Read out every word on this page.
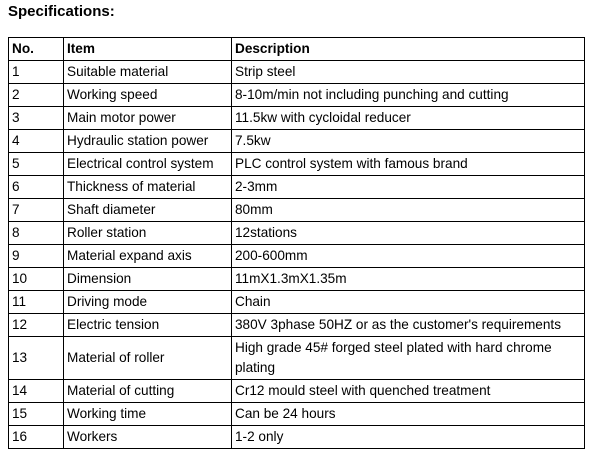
Specifications:
No.	Item	Description
1	Suitable material	Strip steel
2	Working speed	8-10m/min not including punching and cutting
3	Main motor power	11.5kw with cycloidal reducer
4	Hydraulic station power	7.5kw
5	Electrical control system	PLC control system with famous brand
6	Thickness of material	2-3mm
7	Shaft diameter	80mm
8	Roller station	12stations
9	Material expand axis	200-600mm
10	Dimension	11mX1.3mX1.35m
11	Driving mode	Chain
12	Electric tension	380V 3phase 50HZ or as the customer's requirements
13	Material of roller	High grade 45# forged steel plated with hard chrome plating
14	Material of cutting	Cr12 mould steel with quenched treatment
15	Working time	Can be 24 hours
16	Workers	1-2 only
